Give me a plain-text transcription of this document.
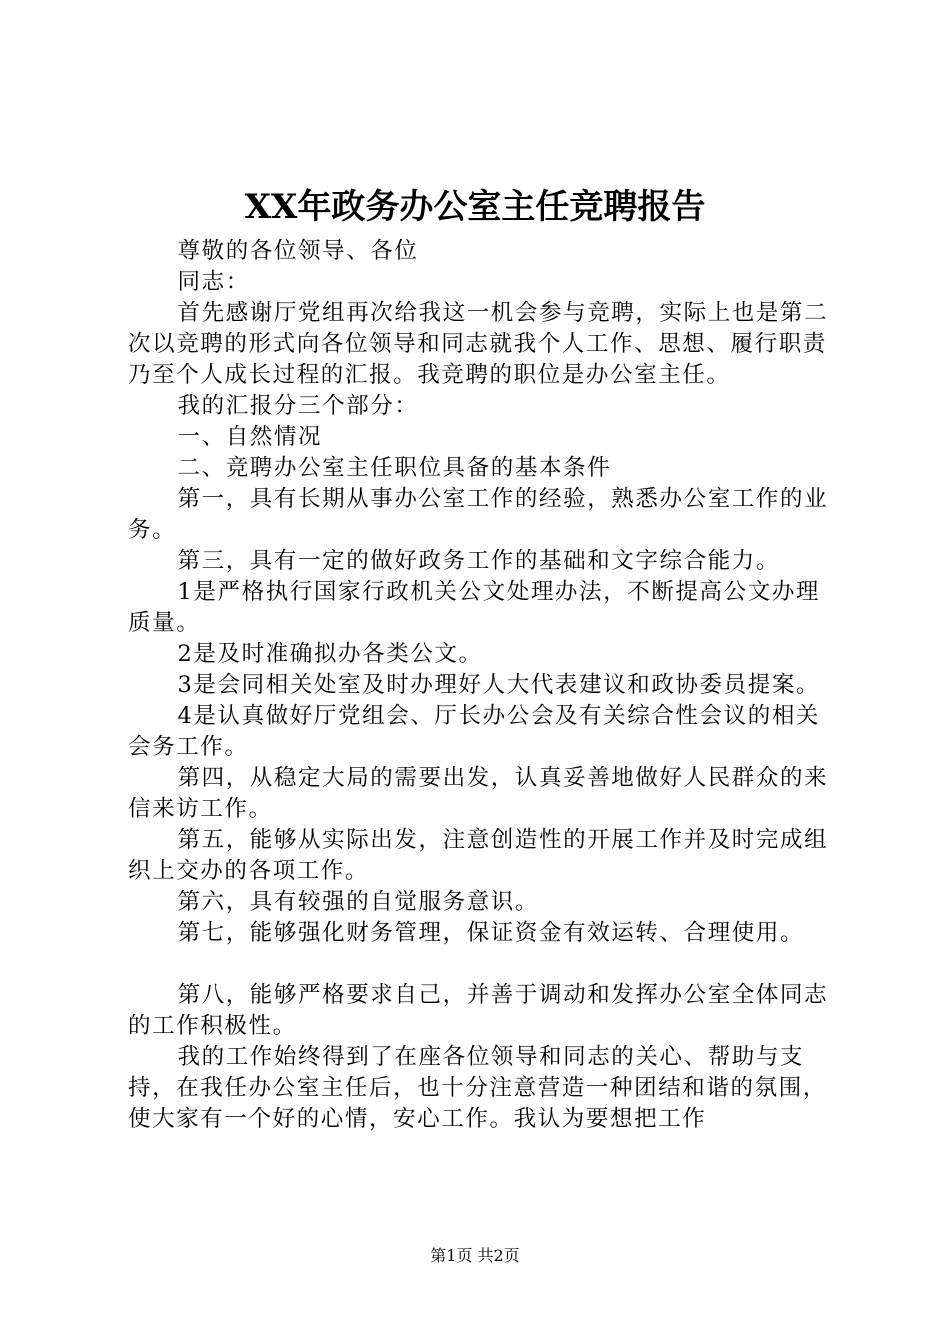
XX年政务办公室主任竞聘报告

尊敬的各位领导、各位

同志：

首先感谢厅党组再次给我这一机会参与竞聘，实际上也是第二次以竞聘的形式向各位领导和同志就我个人工作、思想、履行职责乃至个人成长过程的汇报。我竞聘的职位是办公室主任。

我的汇报分三个部分：

一、自然情况

二、竞聘办公室主任职位具备的基本条件

第一，具有长期从事办公室工作的经验，熟悉办公室工作的业务。

第三，具有一定的做好政务工作的基础和文字综合能力。

1是严格执行国家行政机关公文处理办法，不断提高公文办理质量。

2是及时准确拟办各类公文。

3是会同相关处室及时办理好人大代表建议和政协委员提案。

4是认真做好厅党组会、厅长办公会及有关综合性会议的相关会务工作。

第四，从稳定大局的需要出发，认真妥善地做好人民群众的来信来访工作。

第五，能够从实际出发，注意创造性的开展工作并及时完成组织上交办的各项工作。

第六，具有较强的自觉服务意识。

第七，能够强化财务管理，保证资金有效运转、合理使用。

第八，能够严格要求自己，并善于调动和发挥办公室全体同志的工作积极性。

我的工作始终得到了在座各位领导和同志的关心、帮助与支持，在我任办公室主任后，也十分注意营造一种团结和谐的氛围，使大家有一个好的心情，安心工作。我认为要想把工作

第1页 共2页
